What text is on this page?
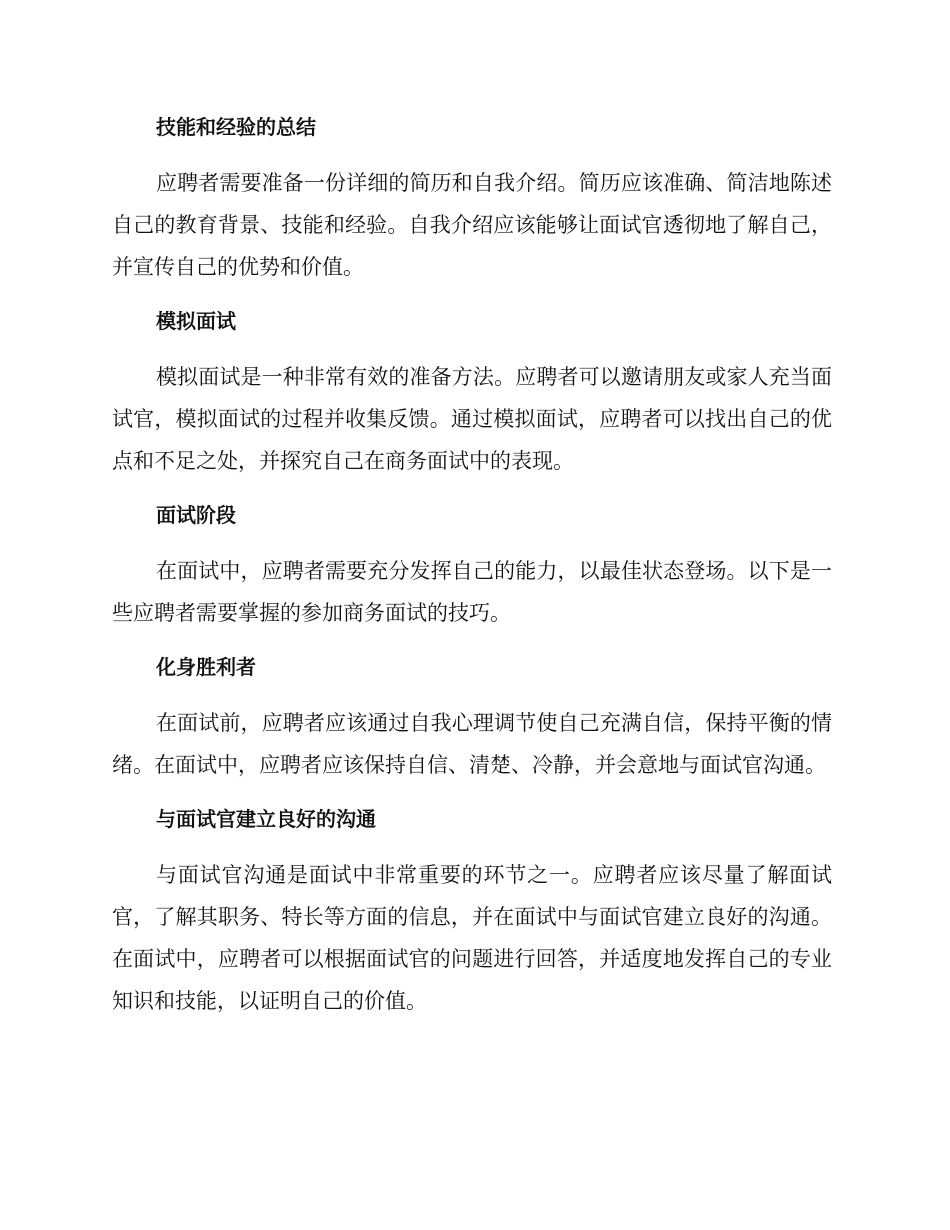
技能和经验的总结

应聘者需要准备一份详细的简历和自我介绍。简历应该准确、简洁地陈述自己的教育背景、技能和经验。自我介绍应该能够让面试官透彻地了解自己，并宣传自己的优势和价值。

模拟面试

模拟面试是一种非常有效的准备方法。应聘者可以邀请朋友或家人充当面试官，模拟面试的过程并收集反馈。通过模拟面试，应聘者可以找出自己的优点和不足之处，并探究自己在商务面试中的表现。

面试阶段

在面试中，应聘者需要充分发挥自己的能力，以最佳状态登场。以下是一些应聘者需要掌握的参加商务面试的技巧。

化身胜利者

在面试前，应聘者应该通过自我心理调节使自己充满自信，保持平衡的情绪。在面试中，应聘者应该保持自信、清楚、冷静，并会意地与面试官沟通。

与面试官建立良好的沟通

与面试官沟通是面试中非常重要的环节之一。应聘者应该尽量了解面试官，了解其职务、特长等方面的信息，并在面试中与面试官建立良好的沟通。在面试中，应聘者可以根据面试官的问题进行回答，并适度地发挥自己的专业知识和技能，以证明自己的价值。
